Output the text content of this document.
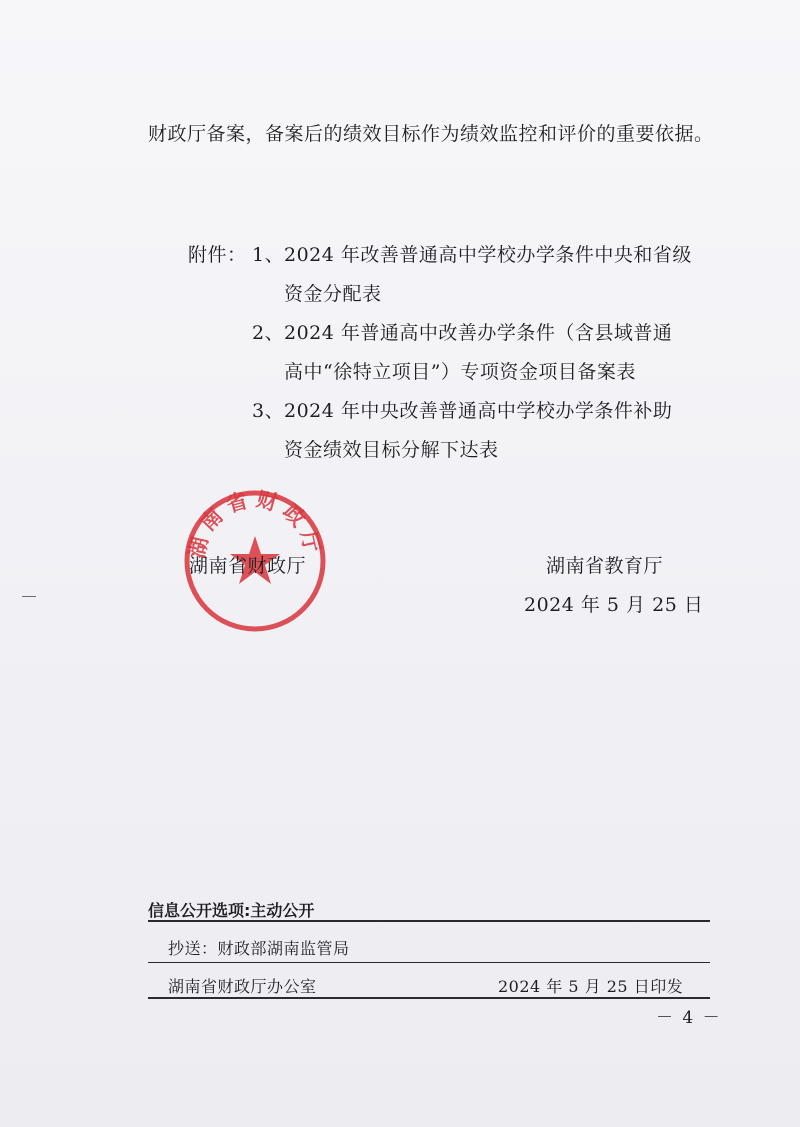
财政厅备案，备案后的绩效目标作为绩效监控和评价的重要依据。
附件： 1、2024 年改善普通高中学校办学条件中央和省级
资金分配表
2、2024 年普通高中改善办学条件（含县域普通
高中“徐特立项目”）专项资金项目备案表
3、2024 年中央改善普通高中学校办学条件补助
资金绩效目标分解下达表
湖南省财政厅
湖南省财政厅	湖南省教育厅
2024 年 5 月 25 日
信息公开选项:主动公开
抄送：财政部湖南监管局
湖南省财政厅办公室	2024 年 5 月 25 日印发
－ 4 －
